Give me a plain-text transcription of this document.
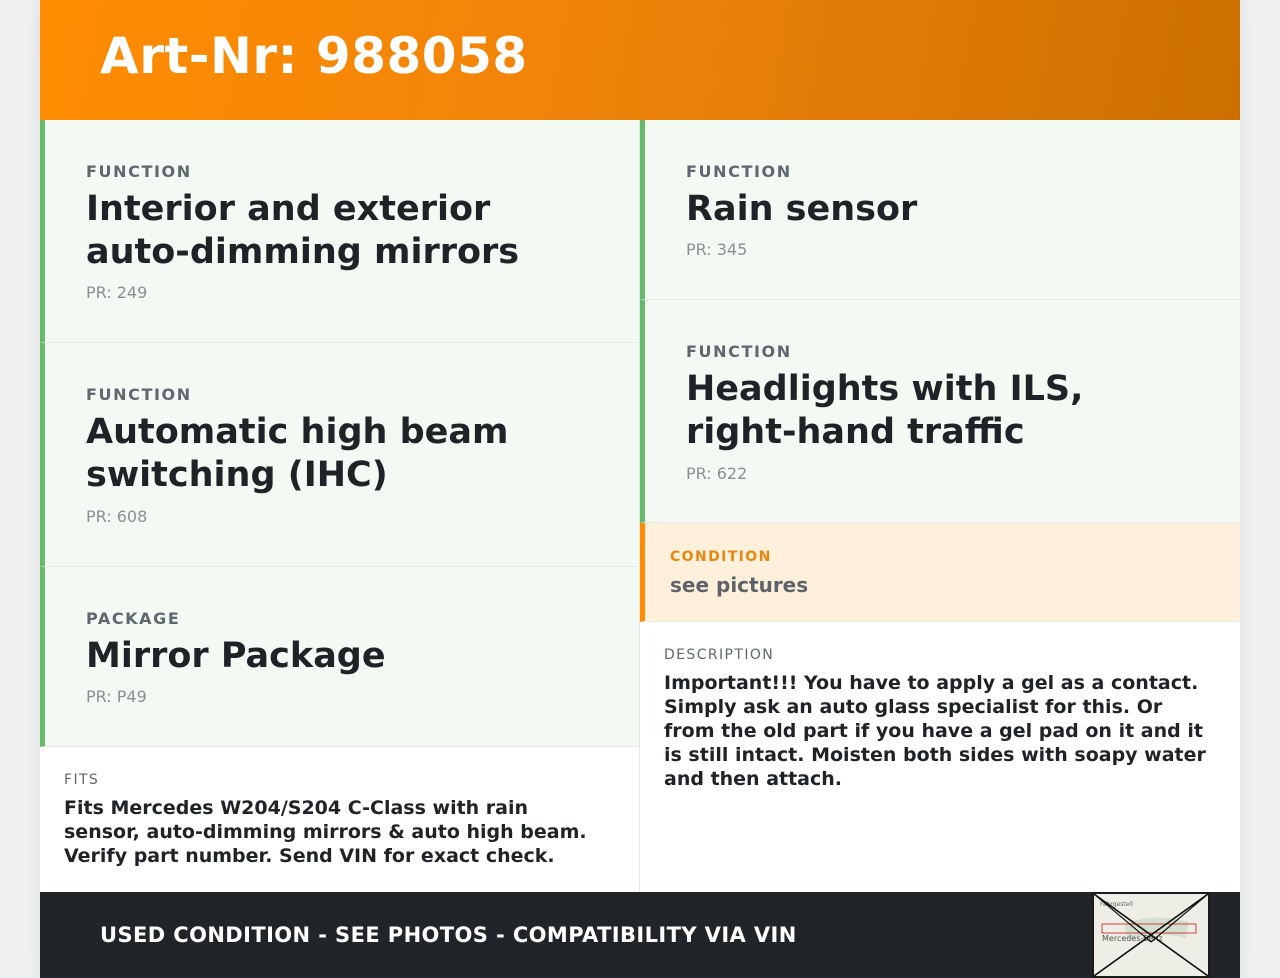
Art-Nr: 988058
FUNCTION
Interior and exterior auto-dimming mirrors
PR: 249
FUNCTION
Automatic high beam switching (IHC)
PR: 608
PACKAGE
Mirror Package
PR: P49
FITS
Fits Mercedes W204/S204 C-Class with rain sensor, auto-dimming mirrors & auto high beam. Verify part number. Send VIN for exact check.
FUNCTION
Rain sensor
PR: 345
FUNCTION
Headlights with ILS, right-hand traffic
PR: 622
CONDITION
see pictures
DESCRIPTION
Important!!! You have to apply a gel as a contact. Simply ask an auto glass specialist for this. Or from the old part if you have a gel pad on it and it is still intact. Moisten both sides with soapy water and then attach.
USED CONDITION - SEE PHOTOS - COMPATIBILITY VIA VIN
Fahrgestell
Mercedes-Benz
